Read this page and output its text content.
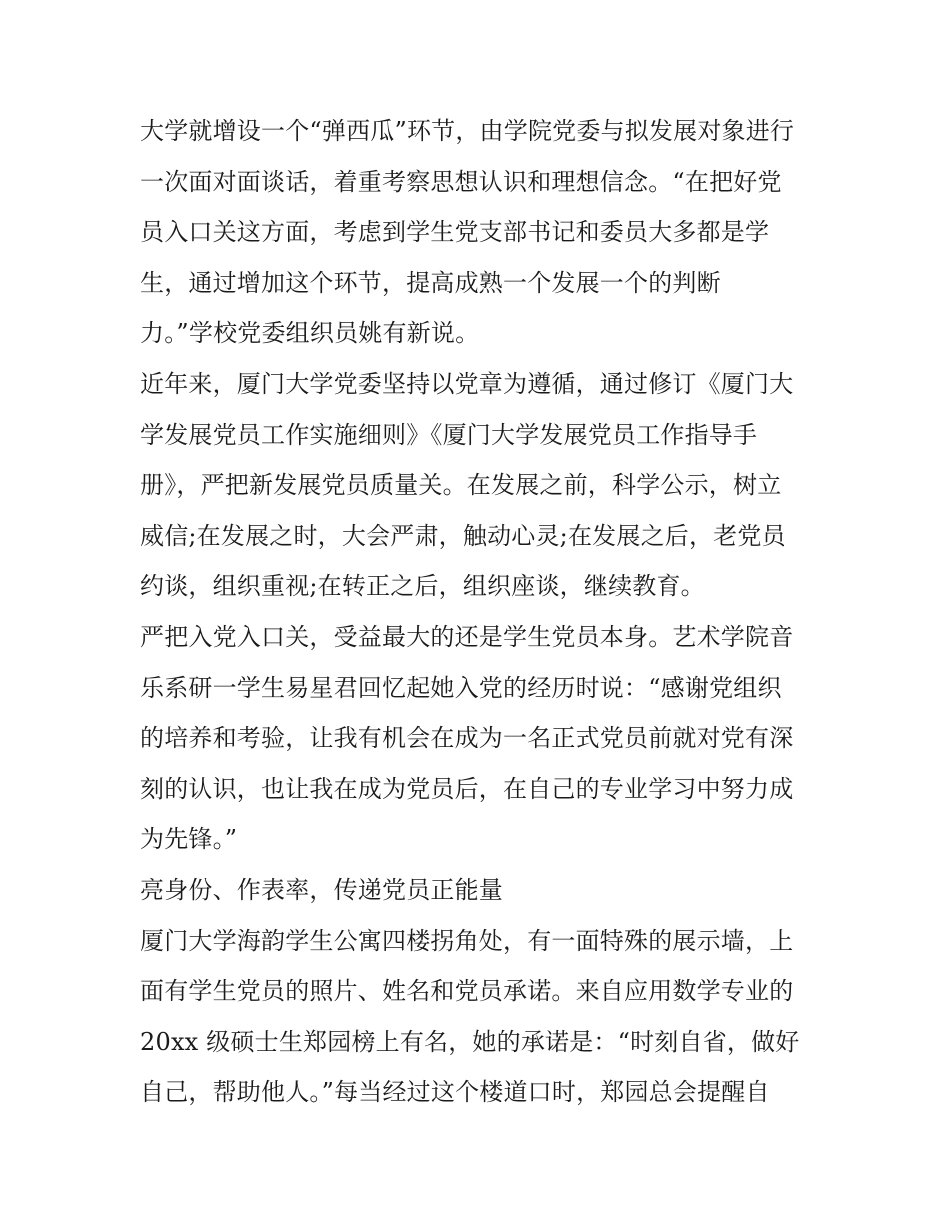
大学就增设一个“弹西瓜”环节，由学院党委与拟发展对象进行
一次面对面谈话，着重考察思想认识和理想信念。“在把好党
员入口关这方面，考虑到学生党支部书记和委员大多都是学
生，通过增加这个环节，提高成熟一个发展一个的判断
力。”学校党委组织员姚有新说。
近年来，厦门大学党委坚持以党章为遵循，通过修订《厦门大
学发展党员工作实施细则》《厦门大学发展党员工作指导手
册》，严把新发展党员质量关。在发展之前，科学公示，树立
威信;在发展之时，大会严肃，触动心灵;在发展之后，老党员
约谈，组织重视;在转正之后，组织座谈，继续教育。
严把入党入口关，受益最大的还是学生党员本身。艺术学院音
乐系研一学生易星君回忆起她入党的经历时说：“感谢党组织
的培养和考验，让我有机会在成为一名正式党员前就对党有深
刻的认识，也让我在成为党员后，在自己的专业学习中努力成
为先锋。”
亮身份、作表率，传递党员正能量
厦门大学海韵学生公寓四楼拐角处，有一面特殊的展示墙，上
面有学生党员的照片、姓名和党员承诺。来自应用数学专业的
20xx 级硕士生郑园榜上有名，她的承诺是：“时刻自省，做好
自己，帮助他人。”每当经过这个楼道口时，郑园总会提醒自
